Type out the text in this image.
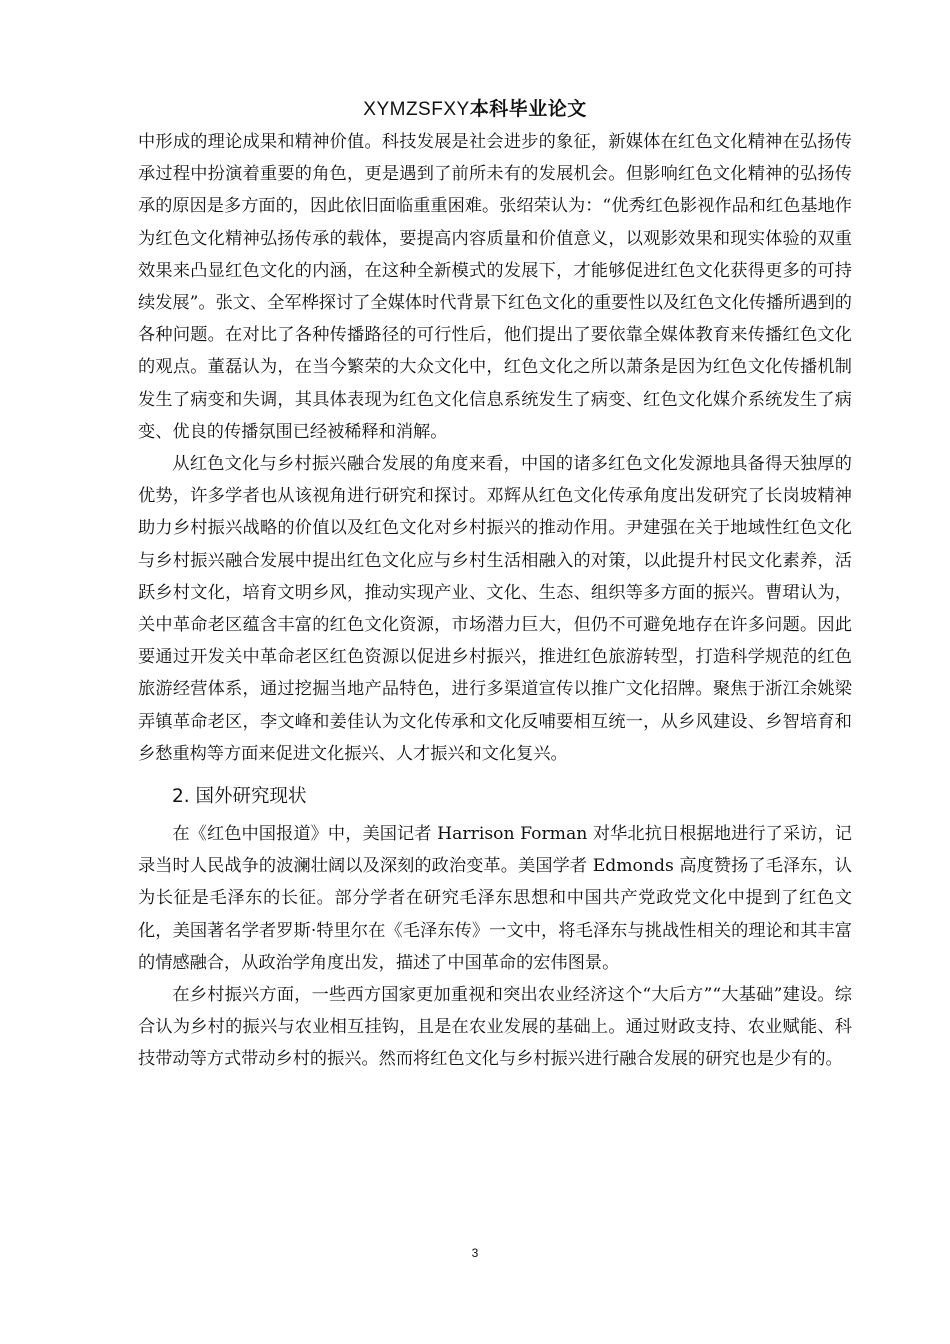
XYMZSFXY本科毕业论文

中形成的理论成果和精神价值。科技发展是社会进步的象征，新媒体在红色文化精神在弘扬传承过程中扮演着重要的角色，更是遇到了前所未有的发展机会。但影响红色文化精神的弘扬传承的原因是多方面的，因此依旧面临重重困难。张绍荣认为：“优秀红色影视作品和红色基地作为红色文化精神弘扬传承的载体，要提高内容质量和价值意义，以观影效果和现实体验的双重效果来凸显红色文化的内涵，在这种全新模式的发展下，才能够促进红色文化获得更多的可持续发展”。张文、全军桦探讨了全媒体时代背景下红色文化的重要性以及红色文化传播所遇到的各种问题。在对比了各种传播路径的可行性后，他们提出了要依靠全媒体教育来传播红色文化的观点。董磊认为，在当今繁荣的大众文化中，红色文化之所以萧条是因为红色文化传播机制发生了病变和失调，其具体表现为红色文化信息系统发生了病变、红色文化媒介系统发生了病变、优良的传播氛围已经被稀释和消解。

从红色文化与乡村振兴融合发展的角度来看，中国的诸多红色文化发源地具备得天独厚的优势，许多学者也从该视角进行研究和探讨。邓辉从红色文化传承角度出发研究了长岗坡精神助力乡村振兴战略的价值以及红色文化对乡村振兴的推动作用。尹建强在关于地域性红色文化与乡村振兴融合发展中提出红色文化应与乡村生活相融入的对策，以此提升村民文化素养，活跃乡村文化，培育文明乡风，推动实现产业、文化、生态、组织等多方面的振兴。曹珺认为，关中革命老区蕴含丰富的红色文化资源，市场潜力巨大，但仍不可避免地存在许多问题。因此要通过开发关中革命老区红色资源以促进乡村振兴，推进红色旅游转型，打造科学规范的红色旅游经营体系，通过挖掘当地产品特色，进行多渠道宣传以推广文化招牌。聚焦于浙江余姚梁弄镇革命老区，李文峰和姜佳认为文化传承和文化反哺要相互统一，从乡风建设、乡智培育和乡愁重构等方面来促进文化振兴、人才振兴和文化复兴。

2. 国外研究现状

在《红色中国报道》中，美国记者 Harrison Forman 对华北抗日根据地进行了采访，记录当时人民战争的波澜壮阔以及深刻的政治变革。美国学者 Edmonds 高度赞扬了毛泽东，认为长征是毛泽东的长征。部分学者在研究毛泽东思想和中国共产党政党文化中提到了红色文化，美国著名学者罗斯·特里尔在《毛泽东传》一文中，将毛泽东与挑战性相关的理论和其丰富的情感融合，从政治学角度出发，描述了中国革命的宏伟图景。

在乡村振兴方面，一些西方国家更加重视和突出农业经济这个“大后方”“大基础”建设。综合认为乡村的振兴与农业相互挂钩，且是在农业发展的基础上。通过财政支持、农业赋能、科技带动等方式带动乡村的振兴。然而将红色文化与乡村振兴进行融合发展的研究也是少有的。

3
